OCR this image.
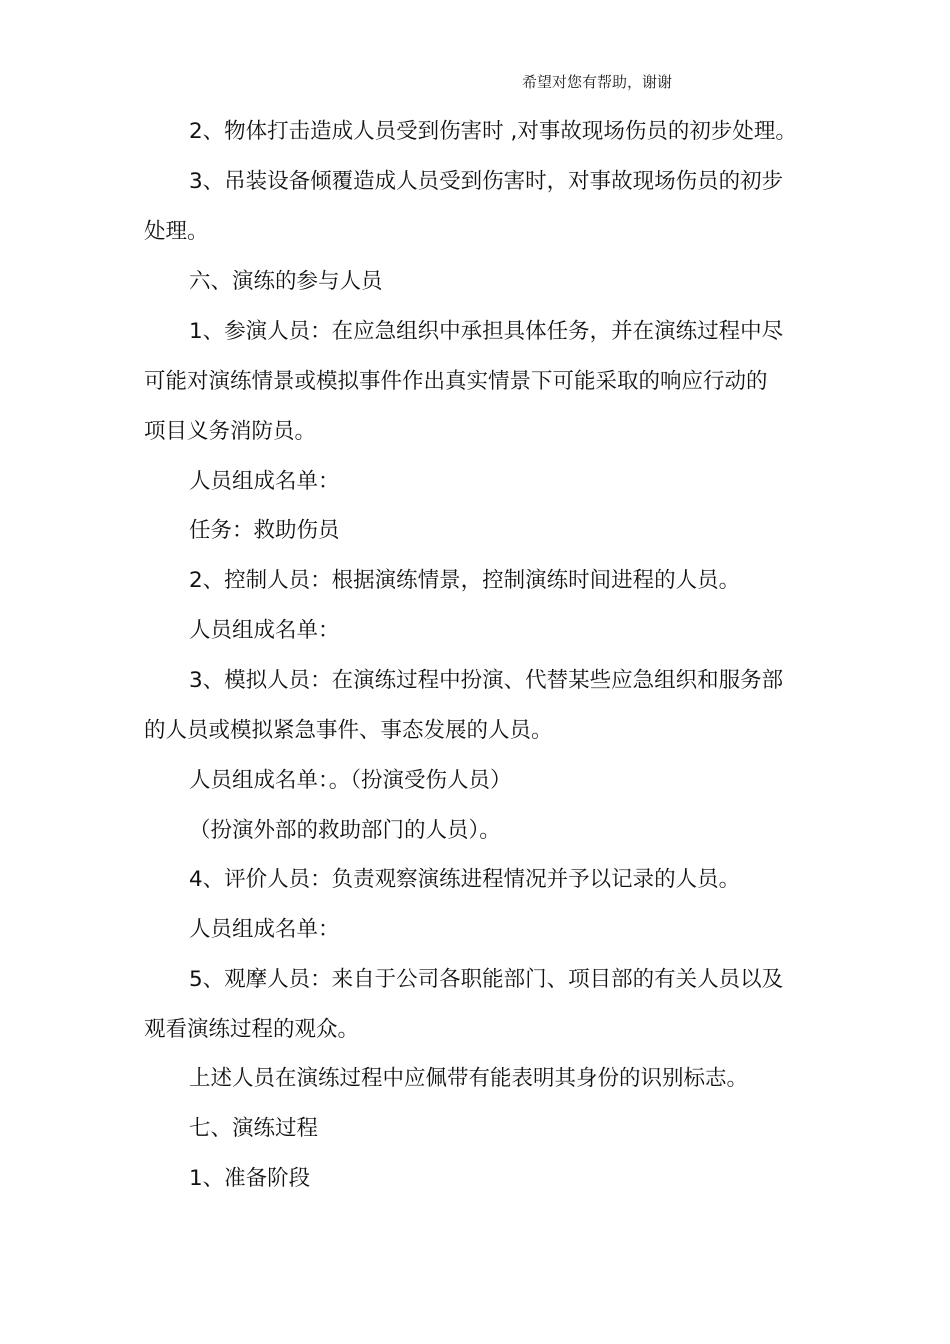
希望对您有帮助，谢谢
2、物体打击造成人员受到伤害时 ,对事故现场伤员的初步处理。
3、吊装设备倾覆造成人员受到伤害时，对事故现场伤员的初步
处理。
六、演练的参与人员
1、参演人员：在应急组织中承担具体任务，并在演练过程中尽
可能对演练情景或模拟事件作出真实情景下可能采取的响应行动的
项目义务消防员。
人员组成名单：
任务：救助伤员
2、控制人员：根据演练情景，控制演练时间进程的人员。
人员组成名单：
3、模拟人员：在演练过程中扮演、代替某些应急组织和服务部
的人员或模拟紧急事件、事态发展的人员。
人员组成名单：。（扮演受伤人员）
（扮演外部的救助部门的人员）。
4、评价人员：负责观察演练进程情况并予以记录的人员。
人员组成名单：
5、观摩人员：来自于公司各职能部门、项目部的有关人员以及
观看演练过程的观众。
上述人员在演练过程中应佩带有能表明其身份的识别标志。
七、演练过程
1、准备阶段
